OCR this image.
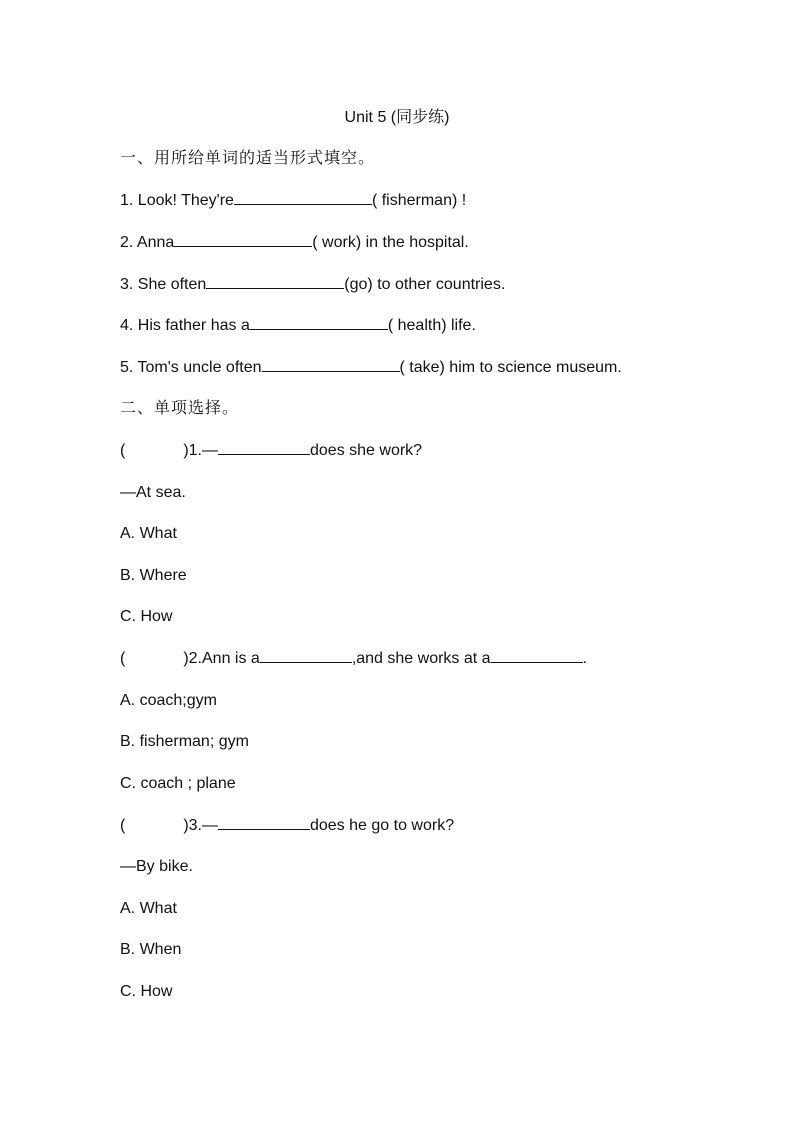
Unit 5 (同步练)
一、用所给单词的适当形式填空。
1. Look! They're	( fisherman) !
2. Anna	( work) in the hospital.
3. She often	(go) to other countries.
4. His father has a	( health) life.
5. Tom's uncle often	( take) him to science museum.
二、单项选择。
(	)1.—	does she work?
—At sea.
A. What
B. Where
C. How
(	)2.Ann is a	,and she works at a	.
A. coach;gym
B. fisherman; gym
C. coach ; plane
(	)3.—	does he go to work?
—By bike.
A. What
B. When
C. How
